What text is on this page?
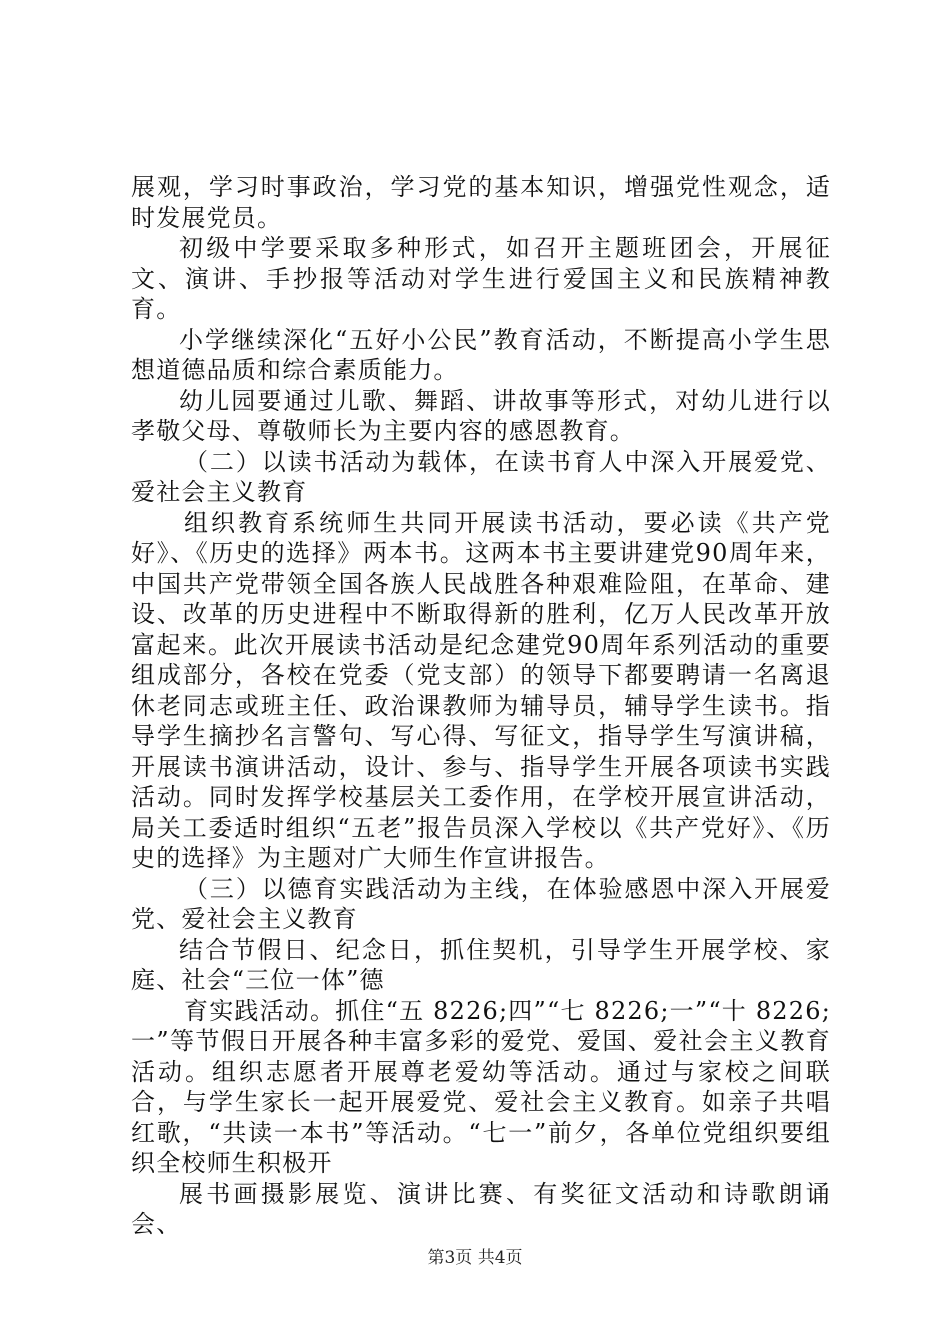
展观，学习时事政治，学习党的基本知识，增强党性观念，适时发展党员。

初级中学要采取多种形式，如召开主题班团会，开展征文、演讲、手抄报等活动对学生进行爱国主义和民族精神教育。

小学继续深化“五好小公民”教育活动，不断提高小学生思想道德品质和综合素质能力。

幼儿园要通过儿歌、舞蹈、讲故事等形式，对幼儿进行以孝敬父母、尊敬师长为主要内容的感恩教育。

（二）以读书活动为载体，在读书育人中深入开展爱党、爱社会主义教育

组织教育系统师生共同开展读书活动，要必读《共产党好》、《历史的选择》两本书。这两本书主要讲建党90周年来，中国共产党带领全国各族人民战胜各种艰难险阻，在革命、建设、改革的历史进程中不断取得新的胜利，亿万人民改革开放富起来。此次开展读书活动是纪念建党90周年系列活动的重要组成部分，各校在党委（党支部）的领导下都要聘请一名离退休老同志或班主任、政治课教师为辅导员，辅导学生读书。指导学生摘抄名言警句、写心得、写征文，指导学生写演讲稿，开展读书演讲活动，设计、参与、指导学生开展各项读书实践活动。同时发挥学校基层关工委作用，在学校开展宣讲活动，局关工委适时组织“五老”报告员深入学校以《共产党好》、《历史的选择》为主题对广大师生作宣讲报告。

（三）以德育实践活动为主线，在体验感恩中深入开展爱党、爱社会主义教育

结合节假日、纪念日，抓住契机，引导学生开展学校、家庭、社会“三位一体”德

育实践活动。抓住“五 8226;四”“七 8226;一”“十 8226;一”等节假日开展各种丰富多彩的爱党、爱国、爱社会主义教育活动。组织志愿者开展尊老爱幼等活动。通过与家校之间联合，与学生家长一起开展爱党、爱社会主义教育。如亲子共唱红歌，“共读一本书”等活动。“七一”前夕，各单位党组织要组织全校师生积极开

展书画摄影展览、演讲比赛、有奖征文活动和诗歌朗诵会、

第3页 共4页
